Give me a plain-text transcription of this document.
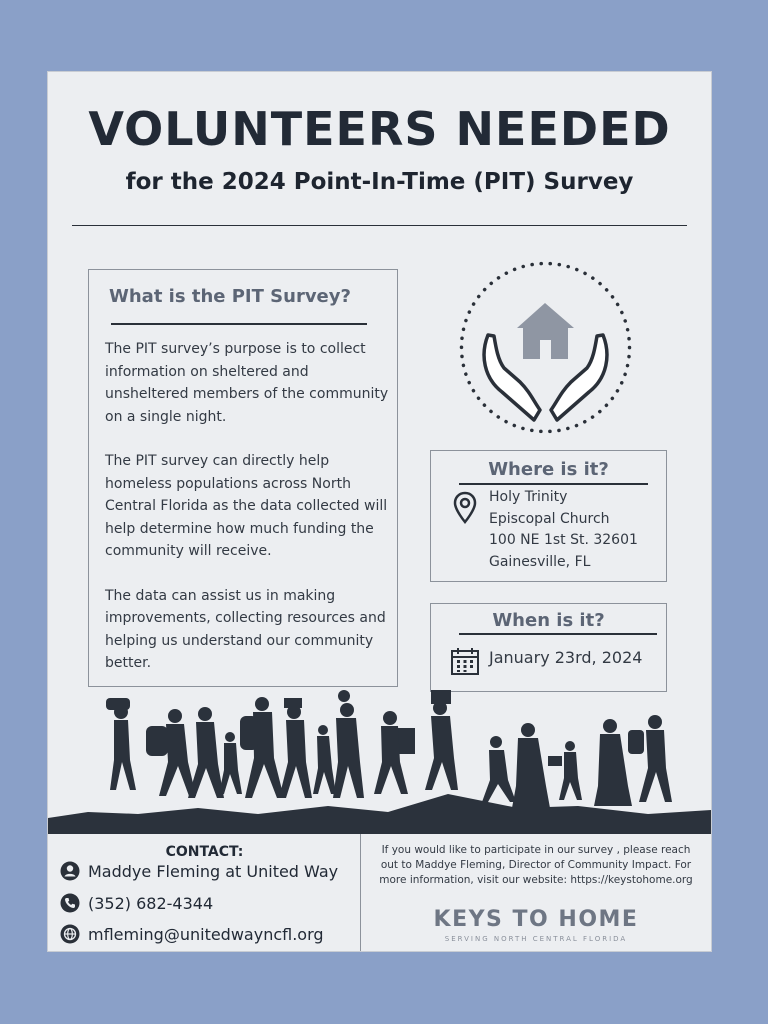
VOLUNTEERS NEEDED
for the 2024 Point-In-Time (PIT) Survey
What is the PIT Survey?

The PIT survey’s purpose is to collect information on sheltered and unsheltered members of the community on a single night.

The PIT survey can directly help homeless populations across North Central Florida as the data collected will help determine how much funding the community will receive.

The data can assist us in making improvements, collecting resources and helping us understand our community better.

Where is it?
Holy Trinity
Episcopal Church
100 NE 1st St. 32601
Gainesville, FL
When is it?
January 23rd, 2024
CONTACT:
Maddye Fleming at United Way
(352) 682-4344
mfleming@unitedwayncfl.org
If you would like to participate in our survey , please reach out to Maddye Fleming, Director of Community Impact. For more information, visit our website: https://keystohome.org
KEYS TO HOME
SERVING NORTH CENTRAL FLORIDA
